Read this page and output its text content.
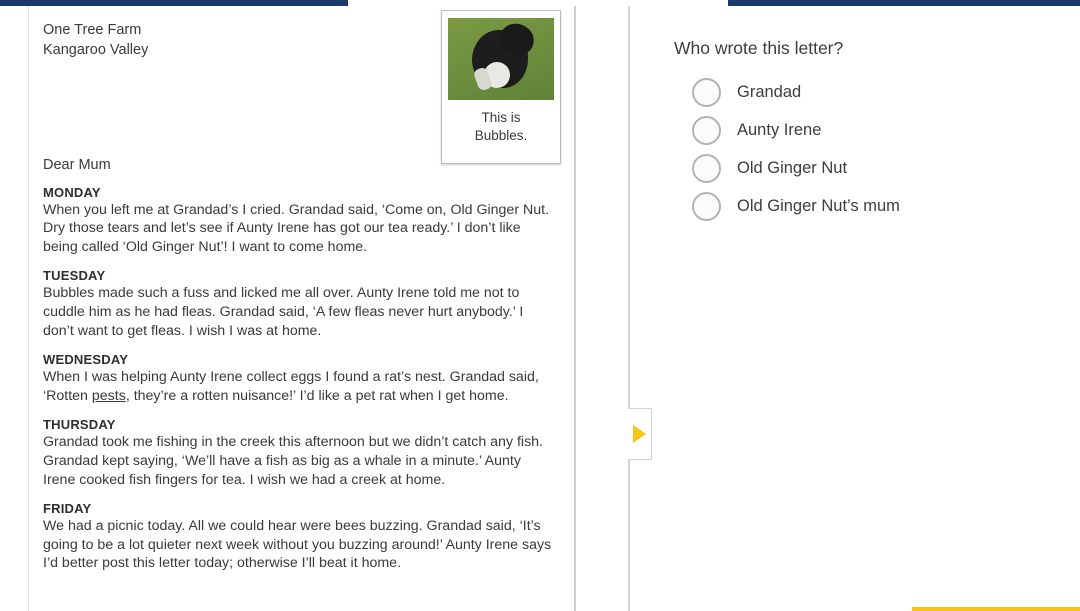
One Tree Farm
Kangaroo Valley
Dear Mum
MONDAY
When you left me at Grandad’s I cried. Grandad said, ‘Come on, Old Ginger Nut. Dry those tears and let’s see if Aunty Irene has got our tea ready.’ I don’t like being called ‘Old Ginger Nut’! I want to come home.
TUESDAY
Bubbles made such a fuss and licked me all over. Aunty Irene told me not to cuddle him as he had fleas. Grandad said, ‘A few fleas never hurt anybody.’ I don’t want to get fleas. I wish I was at home.
WEDNESDAY
When I was helping Aunty Irene collect eggs I found a rat’s nest. Grandad said, ‘Rotten pests, they’re a rotten nuisance!’ I’d like a pet rat when I get home.
THURSDAY
Grandad took me fishing in the creek this afternoon but we didn’t catch any fish. Grandad kept saying, ‘We’ll have a fish as big as a whale in a minute.’ Aunty Irene cooked fish fingers for tea. I wish we had a creek at home.
FRIDAY
We had a picnic today. All we could hear were bees buzzing. Grandad said, ‘It’s going to be a lot quieter next week without you buzzing around!’ Aunty Irene says I’d better post this letter today; otherwise I’ll beat it home.
This is
Bubbles.
Who wrote this letter?
Grandad
Aunty Irene
Old Ginger Nut
Old Ginger Nut’s mum
